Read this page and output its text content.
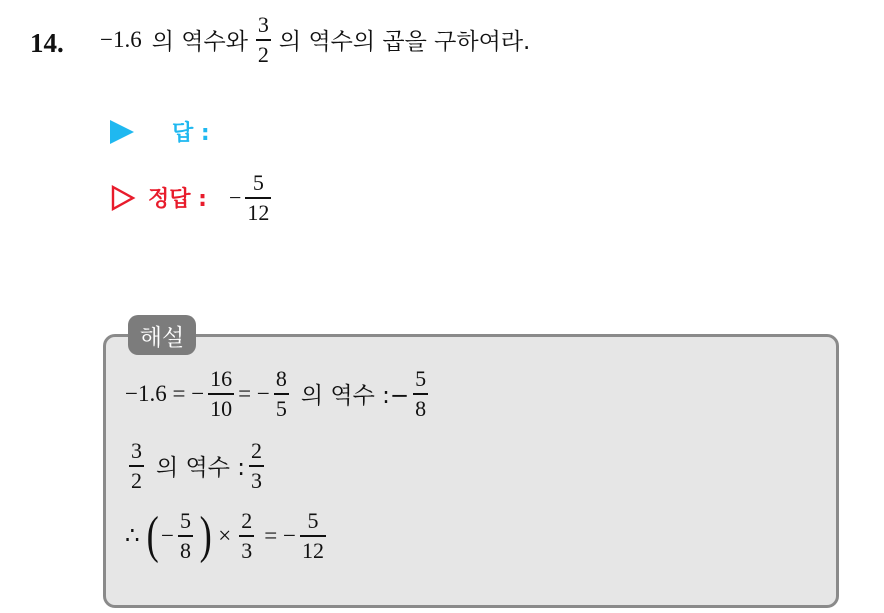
14. −1.6 의 역수와 $\frac{3}{2}$ 의 역수의 곱을 구하여라.
답 :
정답 : − $\frac{5}{12}$
해설
−1.6 = − $\frac{16}{10}$ = − $\frac{8}{5}$ 의 역수 :− $\frac{5}{8}$
$\frac{3}{2}$ 의 역수 : $\frac{2}{3}$
∴ ( − $\frac{5}{8}$ ) × $\frac{2}{3}$ = − $\frac{5}{12}$
